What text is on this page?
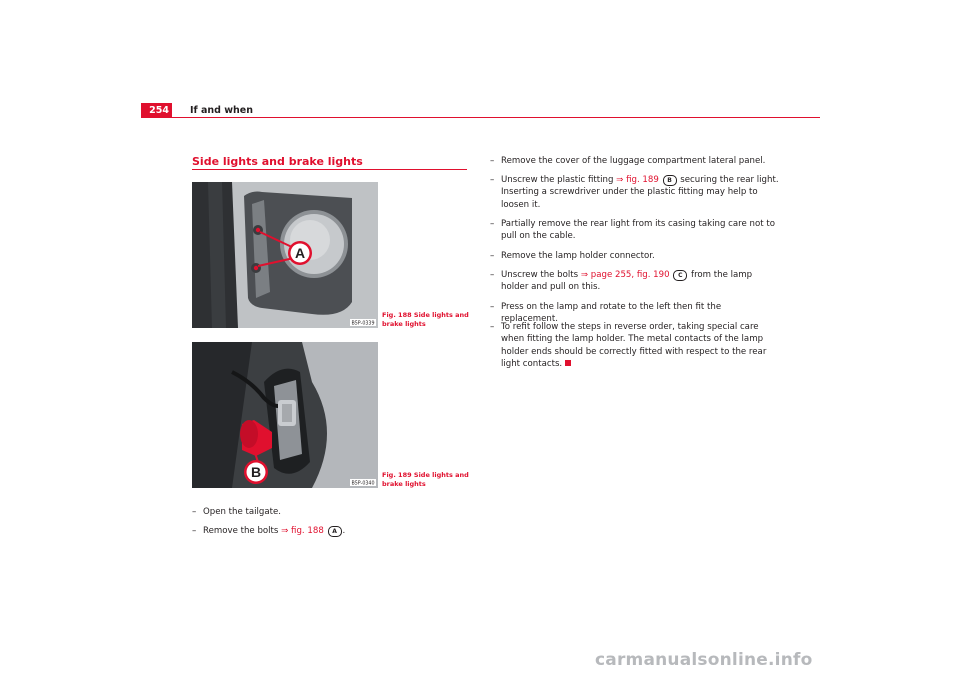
254	If and when
Side lights and brake lights
A
B5P-0339
Fig. 188 Side lights and brake lights
B
B5P-0340
Fig. 189 Side lights and brake lights
– Open the tailgate.
– Remove the bolts ⇒ fig. 188 A .
– Remove the cover of the luggage compartment lateral panel.
– Unscrew the plastic fitting ⇒ fig. 189 B securing the rear light. Inserting a screwdriver under the plastic fitting may help to loosen it.
– Partially remove the rear light from its casing taking care not to pull on the cable.
– Remove the lamp holder connector.
– Unscrew the bolts ⇒ page 255, fig. 190 C from the lamp holder and pull on this.
– Press on the lamp and rotate to the left then fit the replacement.
– To refit follow the steps in reverse order, taking special care when fitting the lamp holder. The metal contacts of the lamp holder ends should be correctly fitted with respect to the rear light contacts.
carmanualsonline.info
